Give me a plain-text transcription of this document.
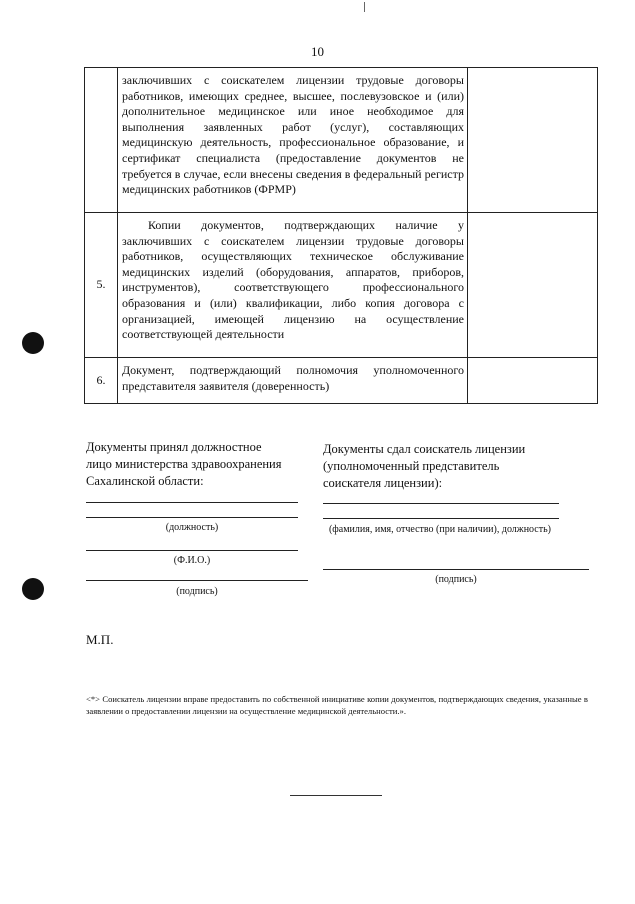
10
	заключивших с соискателем лицензии трудовые договоры работников, имеющих среднее, высшее, послевузовское и (или) дополнительное медицинское или иное необходимое для выполнения заявленных работ (услуг), составляющих медицинскую деятельность, профессиональное образование, и сертификат специалиста (предоставление документов не требуется в случае, если внесены сведения в федеральный регистр медицинских работников (ФРМР)	
5.	Копии документов, подтверждающих наличие у заключивших с соискателем лицензии трудовые договоры работников, осуществляющих техническое обслуживание медицинских изделий (оборудования, аппаратов, приборов, инструментов), соответствующего профессионального образования и (или) квалификации, либо копия договора с организацией, имеющей лицензию на осуществление соответствующей деятельности	

6.	Документ, подтверждающий полномочия уполномоченного представителя заявителя (доверенность)	
Документы принял должностное
лицо министерства здравоохранения
Сахалинской области:
(должность)
(Ф.И.О.)
(подпись)
Документы сдал соискатель лицензии
(уполномоченный представитель
соискателя лицензии):
(фамилия, имя, отчество (при наличии), должность)
(подпись)
М.П.
<*> Соискатель лицензии вправе предоставить по собственной инициативе копии документов, подтверждающих сведения, указанные в заявлении о предоставлении лицензии на осуществление медицинской деятельности.».
